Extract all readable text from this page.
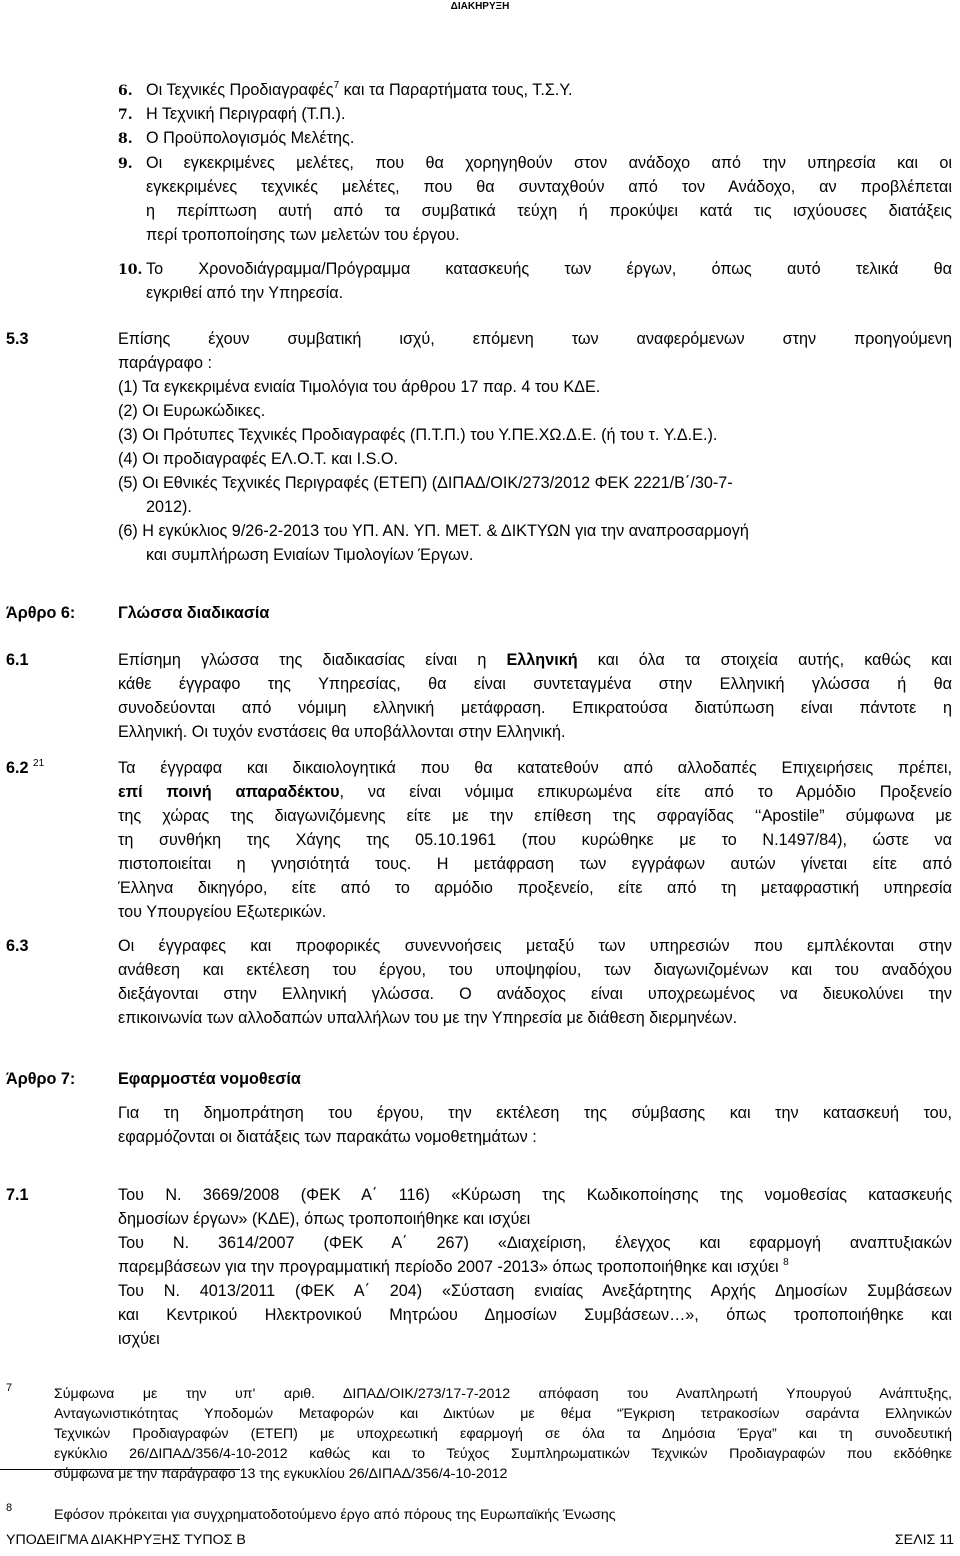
ΔΙΑΚΗΡΥΞΗ
6. Οι Τεχνικές Προδιαγραφές$^7$ και τα Παραρτήματα τους, Τ.Σ.Υ.
7. Η Τεχνική Περιγραφή (Τ.Π.).
8. Ο Προϋπολογισμός Μελέτης.
9. Οι εγκεκριμένες μελέτες, που θα χορηγηθούν στον ανάδοχο από την υπηρεσία και οι
εγκεκριμένες τεχνικές μελέτες, που θα συνταχθούν από τον Ανάδοχο, αν προβλέπεται
η περίπτωση αυτή από τα συμβατικά τεύχη ή προκύψει κατά τις ισχύουσες διατάξεις
περί τροποποίησης των μελετών του έργου.
10. Το Χρονοδιάγραμμα/Πρόγραμμα κατασκευής των έργων, όπως αυτό τελικά θα
εγκριθεί από την Υπηρεσία.
5.3	Επίσης έχουν συμβατική ισχύ, επόμενη των αναφερόμενων στην προηγούμενη
παράγραφο :
(1) Τα εγκεκριμένα ενιαία Τιμολόγια του άρθρου 17 παρ. 4 του ΚΔΕ.
(2) Οι Ευρωκώδικες.
(3) Οι Πρότυπες Τεχνικές Προδιαγραφές (Π.Τ.Π.) του Υ.ΠΕ.ΧΩ.Δ.Ε. (ή του τ. Υ.Δ.Ε.).
(4) Οι προδιαγραφές ΕΛ.Ο.Τ. και I.S.O.
(5) Οι Εθνικές Τεχνικές Περιγραφές (ΕΤΕΠ) (ΔΙΠΑΔ/ΟΙΚ/273/2012 ΦΕΚ 2221/Β΄/30-7-
2012).
(6) Η εγκύκλιος 9/26-2-2013 του ΥΠ. ΑΝ. ΥΠ. ΜΕΤ. & ΔΙΚΤΥΩΝ για την αναπροσαρμογή
και συμπλήρωση Ενιαίων Τιμολογίων Έργων.
Άρθρο 6:	Γλώσσα διαδικασία
6.1	Επίσημη γλώσσα της διαδικασίας είναι η Ελληνική και όλα τα στοιχεία αυτής, καθώς και
κάθε έγγραφο της Υπηρεσίας, θα είναι συντεταγμένα στην Ελληνική γλώσσα ή θα
συνοδεύονται από νόμιμη ελληνική μετάφραση. Επικρατούσα διατύπωση είναι πάντοτε η
Ελληνική. Οι τυχόν ενστάσεις θα υποβάλλονται στην Ελληνική.
6.2 $^{21}$	Τα έγγραφα και δικαιολογητικά που θα κατατεθούν από αλλοδαπές Επιχειρήσεις πρέπει,
επί ποινή απαραδέκτου, να είναι νόμιμα επικυρωμένα είτε από το Αρμόδιο Προξενείο
της χώρας της διαγωνιζόμενης είτε με την επίθεση της σφραγίδας ‘‘Apostile” σύμφωνα με
τη συνθήκη της Χάγης της 05.10.1961 (που κυρώθηκε με το Ν.1497/84), ώστε να
πιστοποιείται η γνησιότητά τους. Η μετάφραση των εγγράφων αυτών γίνεται είτε από
Έλληνα δικηγόρο, είτε από το αρμόδιο προξενείο, είτε από τη μεταφραστική υπηρεσία
του Υπουργείου Εξωτερικών.
6.3	Οι έγγραφες και προφορικές συνεννοήσεις μεταξύ των υπηρεσιών που εμπλέκονται στην
ανάθεση και εκτέλεση του έργου, του υποψηφίου, των διαγωνιζομένων και του αναδόχου
διεξάγονται στην Ελληνική γλώσσα. Ο ανάδοχος είναι υποχρεωμένος να διευκολύνει την
επικοινωνία των αλλοδαπών υπαλλήλων του με την Υπηρεσία με διάθεση διερμηνέων.
Άρθρο 7:	Εφαρμοστέα νομοθεσία
Για τη δημοπράτηση του έργου, την εκτέλεση της σύμβασης και την κατασκευή του,
εφαρμόζονται οι διατάξεις των παρακάτω νομοθετημάτων :
7.1	Του Ν. 3669/2008 (ΦΕΚ Α΄ 116) «Κύρωση της Κωδικοποίησης της νομοθεσίας κατασκευής
δημοσίων έργων» (ΚΔΕ), όπως τροποποιήθηκε και ισχύει
Του Ν. 3614/2007 (ΦΕΚ Α΄ 267) «Διαχείριση, έλεγχος και εφαρμογή αναπτυξιακών
παρεμβάσεων για την προγραμματική περίοδο 2007 -2013» όπως τροποποιήθηκε και ισχύει $^8$
Του Ν. 4013/2011 (ΦΕΚ Α΄ 204) «Σύσταση ενιαίας Ανεξάρτητης Αρχής Δημοσίων Συμβάσεων
και Κεντρικού Ηλεκτρονικού Μητρώου Δημοσίων Συμβάσεων…», όπως τροποποιήθηκε και
ισχύει
7	Σύμφωνα με την υπ' αριθ. ΔΙΠΑΔ/ΟΙΚ/273/17-7-2012 απόφαση του Αναπληρωτή Υπουργού Ανάπτυξης,
Ανταγωνιστικότητας Υποδομών Μεταφορών και Δικτύων με θέμα “Έγκριση τετρακοσίων σαράντα Ελληνικών
Τεχνικών Προδιαγραφών (ΕΤΕΠ) με υποχρεωτική εφαρμογή σε όλα τα Δημόσια Έργα” και τη συνοδευτική
εγκύκλιο 26/ΔΙΠΑΔ/356/4-10-2012 καθώς και το Τεύχος Συμπληρωματικών Τεχνικών Προδιαγραφών που εκδόθηκε
σύμφωνα με την παράγραφο 13 της εγκυκλίου 26/ΔΙΠΑΔ/356/4-10-2012
8	Εφόσον πρόκειται για συγχρηματοδοτούμενο έργο από πόρους της Ευρωπαϊκής Ένωσης
ΥΠΟΔΕΙΓΜΑ ΔΙΑΚΗΡΥΞΗΣ ΤΥΠΟΣ Β	ΣΕΛΙΣ 11
